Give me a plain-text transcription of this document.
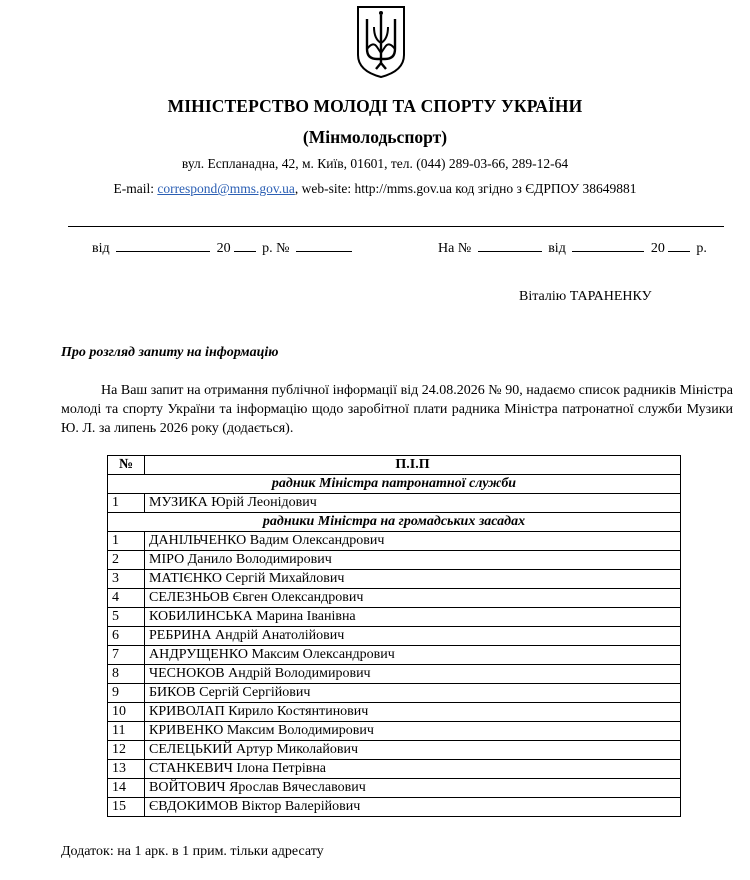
МІНІСТЕРСТВО МОЛОДІ ТА СПОРТУ УКРАЇНИ
(Мінмолодьспорт)
вул. Еспланадна, 42, м. Київ, 01601, тел. (044) 289-03-66, 289-12-64
E-mail: correspond@mms.gov.ua, web-site: http://mms.gov.ua код згідно з ЄДРПОУ 38649881
від	20 р. №	На №	від	20 р.
Віталію ТАРАНЕНКУ
Про розгляд запиту на інформацію
На Ваш запит на отримання публічної інформації від 24.08.2026 № 90, надаємо список радників Міністра молоді та спорту України та інформацію щодо заробітної плати радника Міністра патронатної служби Музики Ю. Л. за липень 2026 року (додається).
№	П.І.П
радник Міністра патронатної служби	
1	МУЗИКА Юрій Леонідович
радники Міністра на громадських засадах	
1	ДАНІЛЬЧЕНКО Вадим Олександрович
2	МІРО Данило Володимирович
3	МАТІЄНКО Сергій Михайлович
4	СЕЛЕЗНЬОВ Євген Олександрович
5	КОБИЛИНСЬКА Марина Іванівна
6	РЕБРИНА Андрій Анатолійович
7	АНДРУЩЕНКО Максим Олександрович
8	ЧЕСНОКОВ Андрій Володимирович
9	БИКОВ Сергій Сергійович
10	КРИВОЛАП Кирило Костянтинович
11	КРИВЕНКО Максим Володимирович
12	СЕЛЕЦЬКИЙ Артур Миколайович
13	СТАНКЕВИЧ Ілона Петрівна
14	ВОЙТОВИЧ Ярослав Вячеславович
15	ЄВДОКИМОВ Віктор Валерійович
Додаток: на 1 арк. в 1 прим. тільки адресату
